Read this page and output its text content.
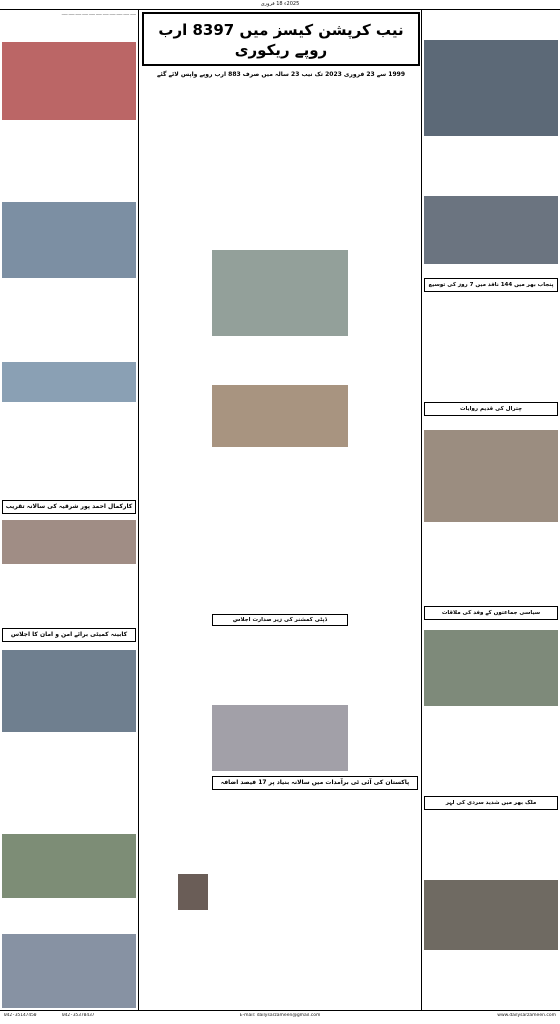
2025ء 18 فروری
ــــــ ــــــ ــــــ ــــــ ــــــ ــــــ ــــــ ــــــ ــــــ ــــــ ــــــ
کارکمال احمد پور شرقیہ کی سالانہ تقریب
کابینہ کمیٹی برائے امن و امان کا اجلاس
نیب کرپشن کیسز میں 8397 ارب روپے ریکوری
1999 سے 23 فروری 2023 تک نیب 23 سالہ میں صرف 883 ارب روپے واپس لائے گئے
ڈپٹی کمشنر کی زیر صدارت اجلاس
پاکستان کی آئی ٹی برآمدات میں سالانہ بنیاد پر 17 فیصد اضافہ
پنجاب بھر میں 144 نافذ میں 7 روز کی توسیع
چترال کی قدیم روایات
سیاسی جماعتوں کے وفد کی ملاقات
ملک بھر میں شدید سردی کی لہر
042-35147450	042-35370437	E-mail: dailysarzameen@gmail.com	www.dailysarzameen.com
